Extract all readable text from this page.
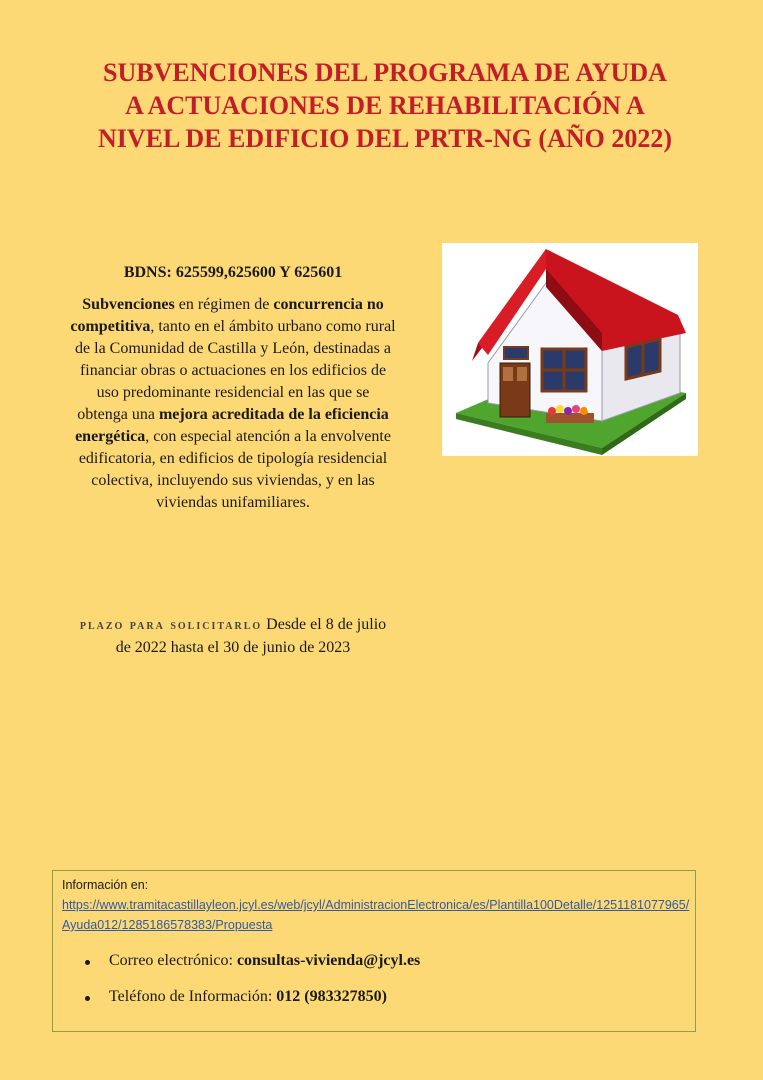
SUBVENCIONES DEL PROGRAMA DE AYUDA
A ACTUACIONES DE REHABILITACIÓN A
NIVEL DE EDIFICIO DEL PRTR-NG (AÑO 2022)
BDNS: 625599,625600 Y 625601

Subvenciones en régimen de concurrencia no competitiva, tanto en el ámbito urbano como rural de la Comunidad de Castilla y León, destinadas a financiar obras o actuaciones en los edificios de uso predominante residencial en las que se obtenga una mejora acreditada de la eficiencia energética, con especial atención a la envolvente edificatoria, en edificios de tipología residencial colectiva, incluyendo sus viviendas, y en las viviendas unifamiliares.

plazo para solicitarlo Desde el 8 de julio de 2022 hasta el 30 de junio de 2023
Información en:
https://www.tramitacastillayleon.jcyl.es/web/jcyl/AdministracionElectronica/es/Plantilla100Detalle/1251181077965/Ayuda012/1285186578383/Propuesta
Correo electrónico: consultas-vivienda@jcyl.es
Teléfono de Información: 012 (983327850)
